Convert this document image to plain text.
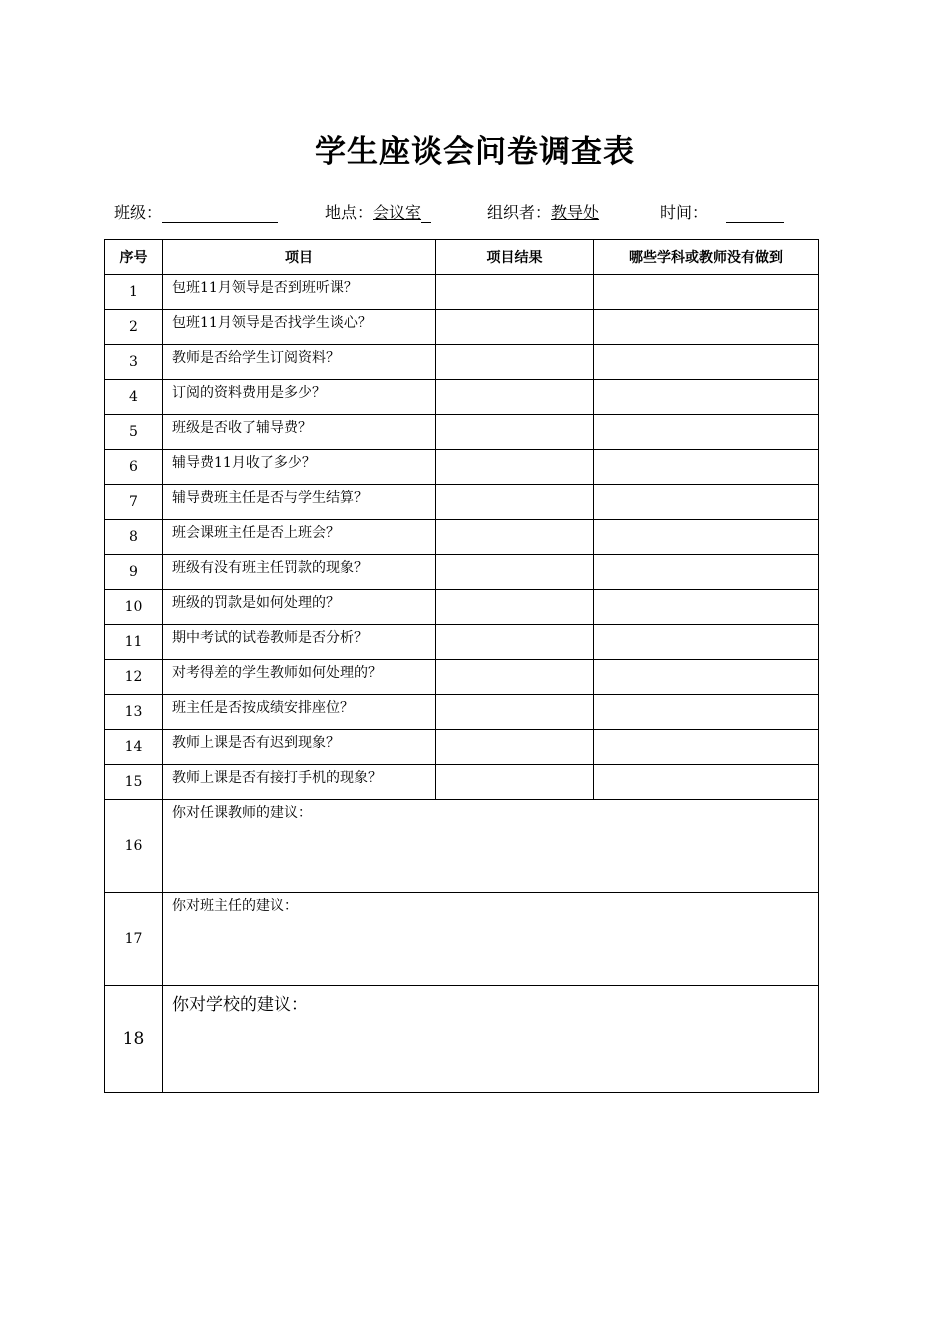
学生座谈会问卷调查表
班级：	地点：会议室	组织者：教导处	时间：
序号	项目	项目结果	哪些学科或教师没有做到
1	包班11月领导是否到班听课？		
2	包班11月领导是否找学生谈心？		
3	教师是否给学生订阅资料？		
4	订阅的资料费用是多少？		
5	班级是否收了辅导费？		
6	辅导费11月收了多少？		
7	辅导费班主任是否与学生结算？		
8	班会课班主任是否上班会？		
9	班级有没有班主任罚款的现象？		
10	班级的罚款是如何处理的？		
11	期中考试的试卷教师是否分析？		
12	对考得差的学生教师如何处理的？		
13	班主任是否按成绩安排座位？		
14	教师上课是否有迟到现象？		
15	教师上课是否有接打手机的现象？		
16	你对任课教师的建议：		
17	你对班主任的建议：		
18	你对学校的建议：		
